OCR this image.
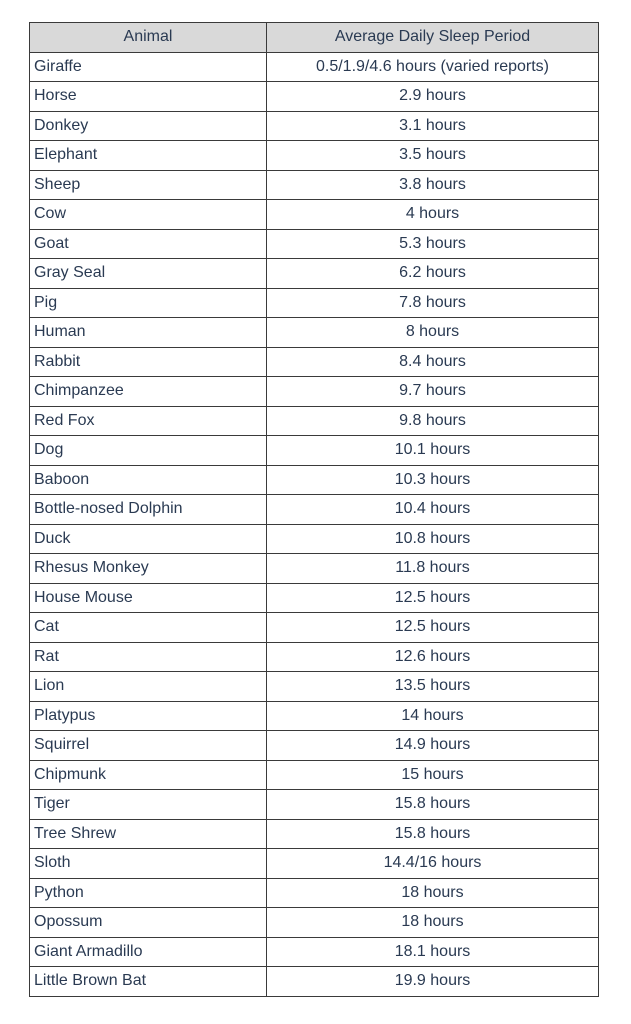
Animal	Average Daily Sleep Period
Giraffe	0.5/1.9/4.6 hours (varied reports)
Horse	2.9 hours
Donkey	3.1 hours
Elephant	3.5 hours
Sheep	3.8 hours
Cow	4 hours
Goat	5.3 hours
Gray Seal	6.2 hours
Pig	7.8 hours
Human	8 hours
Rabbit	8.4 hours
Chimpanzee	9.7 hours
Red Fox	9.8 hours
Dog	10.1 hours
Baboon	10.3 hours
Bottle-nosed Dolphin	10.4 hours
Duck	10.8 hours
Rhesus Monkey	11.8 hours
House Mouse	12.5 hours
Cat	12.5 hours
Rat	12.6 hours
Lion	13.5 hours
Platypus	14 hours
Squirrel	14.9 hours
Chipmunk	15 hours
Tiger	15.8 hours
Tree Shrew	15.8 hours
Sloth	14.4/16 hours
Python	18 hours
Opossum	18 hours
Giant Armadillo	18.1 hours
Little Brown Bat	19.9 hours
